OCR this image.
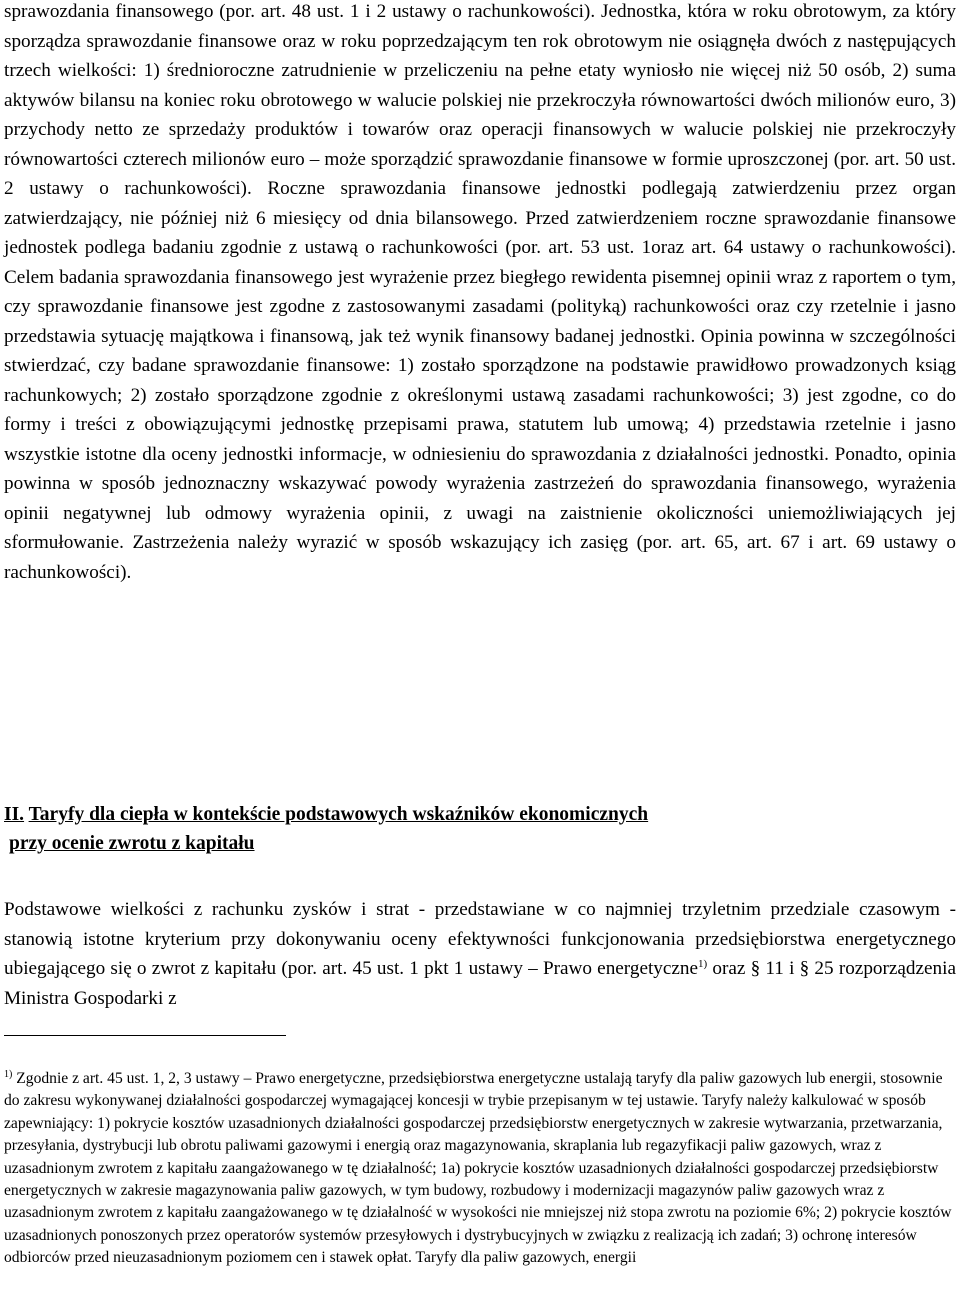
sprawozdania finansowego (por. art. 48 ust. 1 i 2 ustawy o rachunkowości). Jednostka, która w roku obrotowym, za który sporządza sprawozdanie finansowe oraz w roku poprzedzającym ten rok obrotowym nie osiągnęła dwóch z następujących trzech wielkości: 1) średnioroczne zatrudnienie w przeliczeniu na pełne etaty wyniosło nie więcej niż 50 osób, 2) suma aktywów bilansu na koniec roku obrotowego w walucie polskiej nie przekroczyła równowartości dwóch milionów euro, 3) przychody netto ze sprzedaży produktów i towarów oraz operacji finansowych w walucie polskiej nie przekroczyły równowartości czterech milionów euro – może sporządzić sprawozdanie finansowe w formie uproszczonej (por. art. 50 ust. 2 ustawy o rachunkowości). Roczne sprawozdania finansowe jednostki podlegają zatwierdzeniu przez organ zatwierdzający, nie później niż 6 miesięcy od dnia bilansowego. Przed zatwierdzeniem roczne sprawozdanie finansowe jednostek podlega badaniu zgodnie z ustawą o rachunkowości (por. art. 53 ust. 1oraz art. 64 ustawy o rachunkowości). Celem badania sprawozdania finansowego jest wyrażenie przez biegłego rewidenta pisemnej opinii wraz z raportem o tym, czy sprawozdanie finansowe jest zgodne z zastosowanymi zasadami (polityką) rachunkowości oraz czy rzetelnie i jasno przedstawia sytuację majątkowa i finansową, jak też wynik finansowy badanej jednostki. Opinia powinna w szczególności stwierdzać, czy badane sprawozdanie finansowe: 1) zostało sporządzone na podstawie prawidłowo prowadzonych ksiąg rachunkowych; 2) zostało sporządzone zgodnie z określonymi ustawą zasadami rachunkowości; 3) jest zgodne, co do formy i treści z obowiązującymi jednostkę przepisami prawa, statutem lub umową; 4) przedstawia rzetelnie i jasno wszystkie istotne dla oceny jednostki informacje, w odniesieniu do sprawozdania z działalności jednostki. Ponadto, opinia powinna w sposób jednoznaczny wskazywać powody wyrażenia zastrzeżeń do sprawozdania finansowego, wyrażenia opinii negatywnej lub odmowy wyrażenia opinii, z uwagi na zaistnienie okoliczności uniemożliwiających jej sformułowanie. Zastrzeżenia należy wyrazić w sposób wskazujący ich zasięg (por. art. 65, art. 67 i art. 69 ustawy o rachunkowości).

II. Taryfy dla ciepła w kontekście podstawowych wskaźników ekonomicznych

przy ocenie zwrotu z kapitału

Podstawowe wielkości z rachunku zysków i strat - przedstawiane w co najmniej trzyletnim przedziale czasowym - stanowią istotne kryterium przy dokonywaniu oceny efektywności funkcjonowania przedsiębiorstwa energetycznego ubiegającego się o zwrot z kapitału (por. art. 45 ust. 1 pkt 1 ustawy – Prawo energetyczne$^{1)}$ oraz § 11 i § 25 rozporządzenia Ministra Gospodarki z

$^{1)}$ Zgodnie z art. 45 ust. 1, 2, 3 ustawy – Prawo energetyczne, przedsiębiorstwa energetyczne ustalają taryfy dla paliw gazowych lub energii, stosownie do zakresu wykonywanej działalności gospodarczej wymagającej koncesji w trybie przepisanym w tej ustawie. Taryfy należy kalkulować w sposób zapewniający: 1) pokrycie kosztów uzasadnionych działalności gospodarczej przedsiębiorstw energetycznych w zakresie wytwarzania, przetwarzania, przesyłania, dystrybucji lub obrotu paliwami gazowymi i energią oraz magazynowania, skraplania lub regazyfikacji paliw gazowych, wraz z uzasadnionym zwrotem z kapitału zaangażowanego w tę działalność; 1a) pokrycie kosztów uzasadnionych działalności gospodarczej przedsiębiorstw energetycznych w zakresie magazynowania paliw gazowych, w tym budowy, rozbudowy i modernizacji magazynów paliw gazowych wraz z uzasadnionym zwrotem z kapitału zaangażowanego w tę działalność w wysokości nie mniejszej niż stopa zwrotu na poziomie 6%; 2) pokrycie kosztów uzasadnionych ponoszonych przez operatorów systemów przesyłowych i dystrybucyjnych w związku z realizacją ich zadań; 3) ochronę interesów odbiorców przed nieuzasadnionym poziomem cen i stawek opłat. Taryfy dla paliw gazowych, energii
